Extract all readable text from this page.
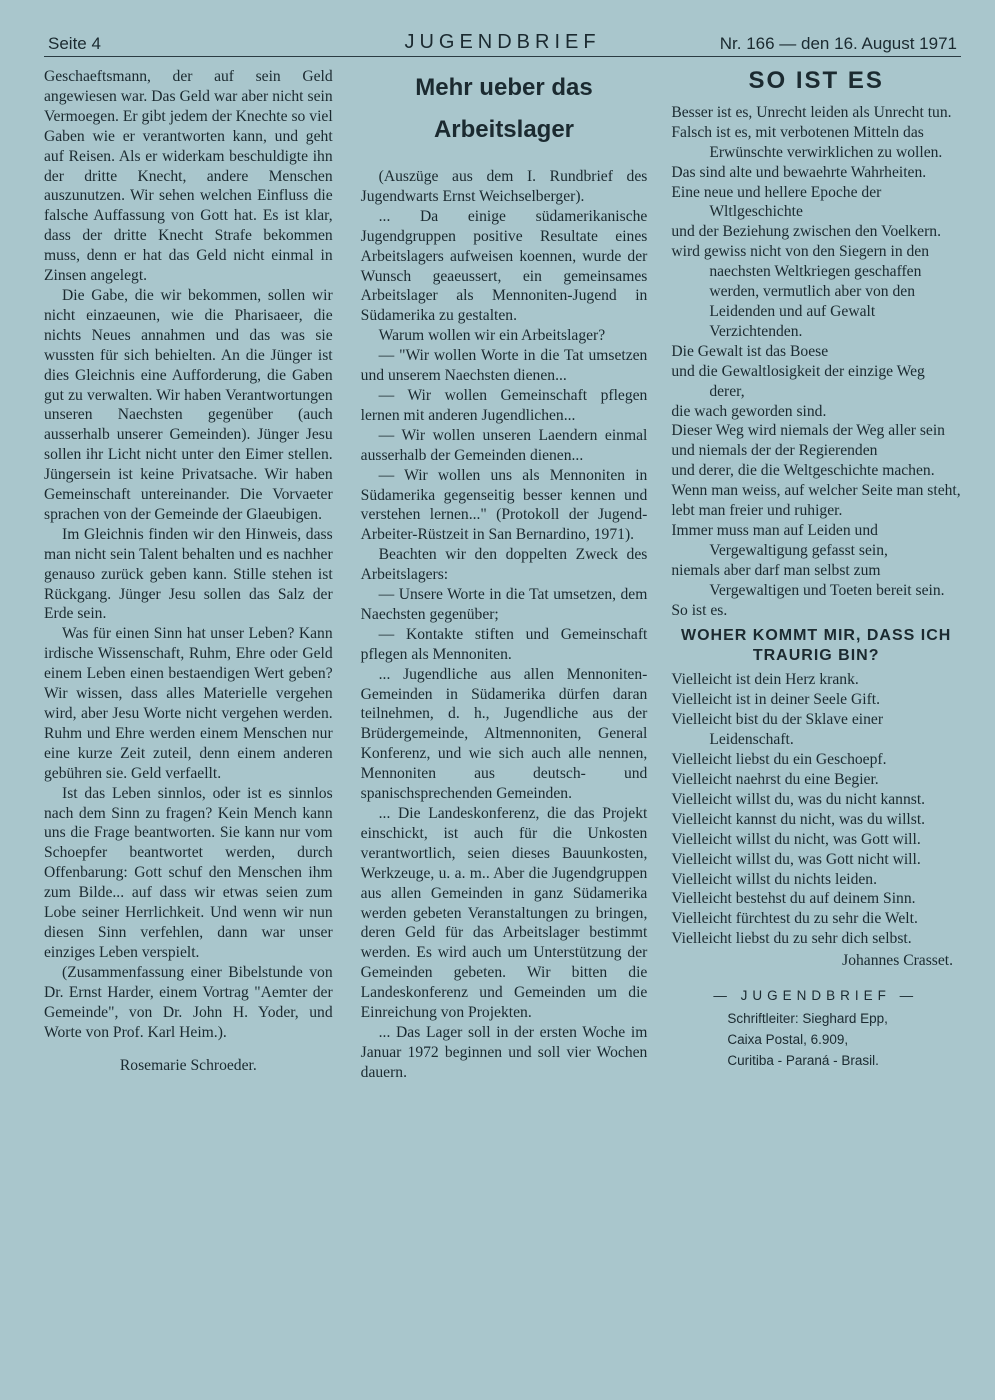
Seite 4	JUGENDBRIEF	Nr. 166 — den 16. August 1971

Geschaeftsmann, der auf sein Geld angewiesen war. Das Geld war aber nicht sein Vermoegen. Er gibt jedem der Knechte so viel Gaben wie er verantworten kann, und geht auf Reisen. Als er widerkam beschuldigte ihn der dritte Knecht, andere Menschen auszunutzen. Wir sehen welchen Einfluss die falsche Auffassung von Gott hat. Es ist klar, dass der dritte Knecht Strafe bekommen muss, denn er hat das Geld nicht einmal in Zinsen angelegt.

Die Gabe, die wir bekommen, sollen wir nicht einzaeunen, wie die Pharisaeer, die nichts Neues annahmen und das was sie wussten für sich behielten. An die Jünger ist dies Gleichnis eine Aufforderung, die Gaben gut zu verwalten. Wir haben Verantwortungen unseren Naechsten gegenüber (auch ausserhalb unserer Gemeinden). Jünger Jesu sollen ihr Licht nicht unter den Eimer stellen. Jüngersein ist keine Privatsache. Wir haben Gemeinschaft untereinander. Die Vorvaeter sprachen von der Gemeinde der Glaeubigen.

Im Gleichnis finden wir den Hinweis, dass man nicht sein Talent behalten und es nachher genauso zurück geben kann. Stille stehen ist Rückgang. Jünger Jesu sollen das Salz der Erde sein.

Was für einen Sinn hat unser Leben? Kann irdische Wissenschaft, Ruhm, Ehre oder Geld einem Leben einen bestaendigen Wert geben? Wir wissen, dass alles Materielle vergehen wird, aber Jesu Worte nicht vergehen werden. Ruhm und Ehre werden einem Menschen nur eine kurze Zeit zuteil, denn einem anderen gebühren sie. Geld verfaellt.

Ist das Leben sinnlos, oder ist es sinnlos nach dem Sinn zu fragen? Kein Mench kann uns die Frage beantworten. Sie kann nur vom Schoepfer beantwortet werden, durch Offenbarung: Gott schuf den Menschen ihm zum Bilde... auf dass wir etwas seien zum Lobe seiner Herrlichkeit. Und wenn wir nun diesen Sinn verfehlen, dann war unser einziges Leben verspielt.

(Zusammenfassung einer Bibelstunde von Dr. Ernst Harder, einem Vortrag "Aemter der Gemeinde", von Dr. John H. Yoder, und Worte von Prof. Karl Heim.).

Rosemarie Schroeder.

Mehr ueber das Arbeitslager

(Auszüge aus dem I. Rundbrief des Jugendwarts Ernst Weichselberger).

... Da einige südamerikanische Jugendgruppen positive Resultate eines Arbeitslagers aufweisen koennen, wurde der Wunsch geaeussert, ein gemeinsames Arbeitslager als Mennoniten-Jugend in Südamerika zu gestalten.

Warum wollen wir ein Arbeitslager?

— "Wir wollen Worte in die Tat umsetzen und unserem Naechsten dienen...

— Wir wollen Gemeinschaft pflegen lernen mit anderen Jugendlichen...

— Wir wollen unseren Laendern einmal ausserhalb der Gemeinden dienen...

— Wir wollen uns als Mennoniten in Südamerika gegenseitig besser kennen und verstehen lernen..." (Protokoll der Jugend-Arbeiter-Rüstzeit in San Bernardino, 1971).

Beachten wir den doppelten Zweck des Arbeitslagers:

— Unsere Worte in die Tat umsetzen, dem Naechsten gegenüber;

— Kontakte stiften und Gemeinschaft pflegen als Mennoniten.

... Jugendliche aus allen Mennoniten-Gemeinden in Südamerika dürfen daran teilnehmen, d. h., Jugendliche aus der Brüdergemeinde, Altmennoniten, General Konferenz, und wie sich auch alle nennen, Mennoniten aus deutsch- und spanischsprechenden Gemeinden.

... Die Landeskonferenz, die das Projekt einschickt, ist auch für die Unkosten verantwortlich, seien dieses Bauunkosten, Werkzeuge, u. a. m.. Aber die Jugendgruppen aus allen Gemeinden in ganz Südamerika werden gebeten Veranstaltungen zu bringen, deren Geld für das Arbeitslager bestimmt werden. Es wird auch um Unterstützung der Gemeinden gebeten. Wir bitten die Landeskonferenz und Gemeinden um die Einreichung von Projekten.

... Das Lager soll in der ersten Woche im Januar 1972 beginnen und soll vier Wochen dauern.

SO IST ES
Besser ist es, Unrecht leiden als Unrecht tun.
Falsch ist es, mit verbotenen Mitteln das Erwünschte verwirklichen zu wollen.
Das sind alte und bewaehrte Wahrheiten.
Eine neue und hellere Epoche der Wltlgeschichte
und der Beziehung zwischen den Voelkern.
wird gewiss nicht von den Siegern in den naechsten Weltkriegen geschaffen werden, vermutlich aber von den Leidenden und auf Gewalt Verzichtenden.
Die Gewalt ist das Boese
und die Gewaltlosigkeit der einzige Weg derer,
die wach geworden sind.
Dieser Weg wird niemals der Weg aller sein
und niemals der der Regierenden
und derer, die die Weltgeschichte machen.
Wenn man weiss, auf welcher Seite man steht,
lebt man freier und ruhiger.
Immer muss man auf Leiden und Vergewaltigung gefasst sein,
niemals aber darf man selbst zum Vergewaltigen und Toeten bereit sein.
So ist es.
WOHER KOMMT MIR, DASS ICH TRAURIG BIN?
Vielleicht ist dein Herz krank.
Vielleicht ist in deiner Seele Gift.
Vielleicht bist du der Sklave einer Leidenschaft.
Vielleicht liebst du ein Geschoepf.
Vielleicht naehrst du eine Begier.
Vielleicht willst du, was du nicht kannst.
Vielleicht kannst du nicht, was du willst.
Vielleicht willst du nicht, was Gott will.
Vielleicht willst du, was Gott nicht will.
Vielleicht willst du nichts leiden.
Vielleicht bestehst du auf deinem Sinn.
Vielleicht fürchtest du zu sehr die Welt.
Vielleicht liebst du zu sehr dich selbst.
Johannes Crasset.
— JUGENDBRIEF —
Schriftleiter: Sieghard Epp,
Caixa Postal, 6.909,
Curitiba - Paraná - Brasil.
